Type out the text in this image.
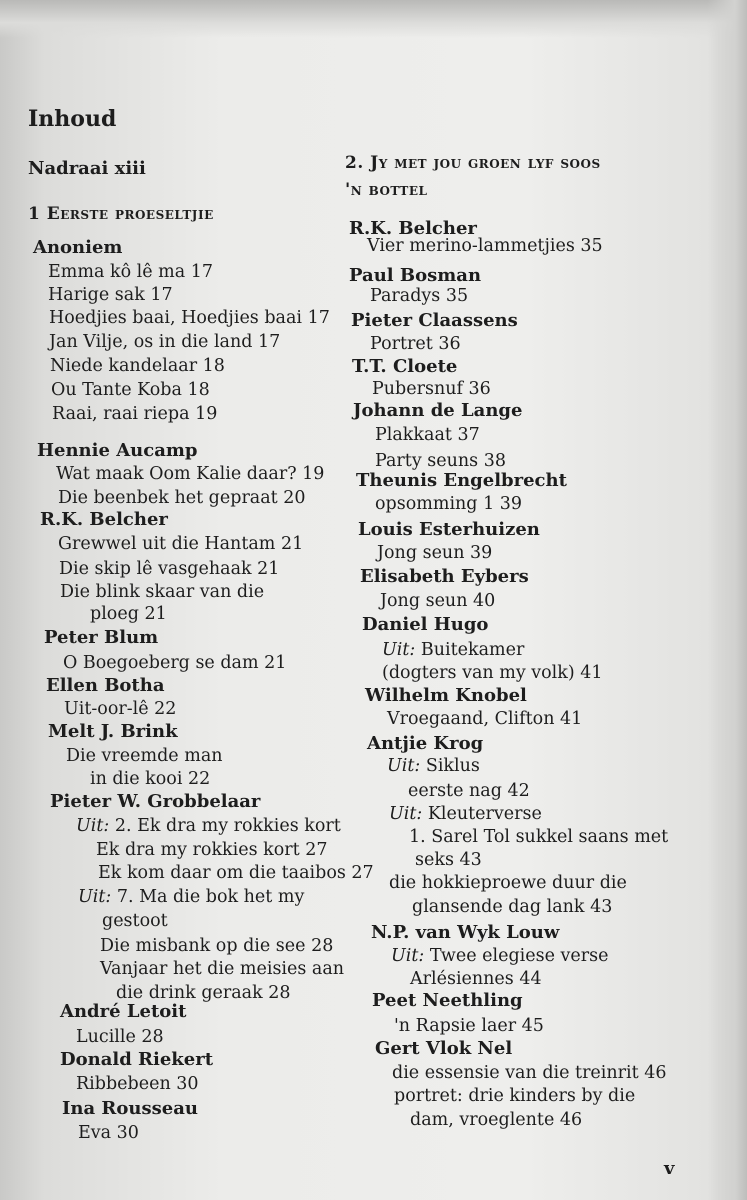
Inhoud
Nadraai xiii
1 Eerste proeseltjie
Anoniem
Emma kô lê ma 17
Harige sak 17
Hoedjies baai, Hoedjies baai 17
Jan Vilje, os in die land 17
Niede kandelaar 18
Ou Tante Koba 18
Raai, raai riepa 19
Hennie Aucamp
Wat maak Oom Kalie daar? 19
Die beenbek het gepraat 20
R.K. Belcher
Grewwel uit die Hantam 21
Die skip lê vasgehaak 21
Die blink skaar van die
ploeg 21
Peter Blum
O Boegoeberg se dam 21
Ellen Botha
Uit-oor-lê 22
Melt J. Brink
Die vreemde man
in die kooi 22
Pieter W. Grobbelaar
Uit: 2. Ek dra my rokkies kort
Ek dra my rokkies kort 27
Ek kom daar om die taaibos 27
Uit: 7. Ma die bok het my
gestoot
Die misbank op die see 28
Vanjaar het die meisies aan
die drink geraak 28
André Letoit
Lucille 28
Donald Riekert
Ribbebeen 30
Ina Rousseau
Eva 30
2. Jy met jou groen lyf soos
'n bottel
R.K. Belcher
Vier merino-lammetjies 35
Paul Bosman
Paradys 35
Pieter Claassens
Portret 36
T.T. Cloete
Pubersnuf 36
Johann de Lange
Plakkaat 37
Party seuns 38
Theunis Engelbrecht
opsomming 1 39
Louis Esterhuizen
Jong seun 39
Elisabeth Eybers
Jong seun 40
Daniel Hugo
Uit: Buitekamer
(dogters van my volk) 41
Wilhelm Knobel
Vroegaand, Clifton 41
Antjie Krog
Uit: Siklus
eerste nag 42
Uit: Kleuterverse
1. Sarel Tol sukkel saans met
seks 43
die hokkieproewe duur die
glansende dag lank 43
N.P. van Wyk Louw
Uit: Twee elegiese verse
Arlésiennes 44
Peet Neethling
'n Rapsie laer 45
Gert Vlok Nel
die essensie van die treinrit 46
portret: drie kinders by die
dam, vroeglente 46
v
